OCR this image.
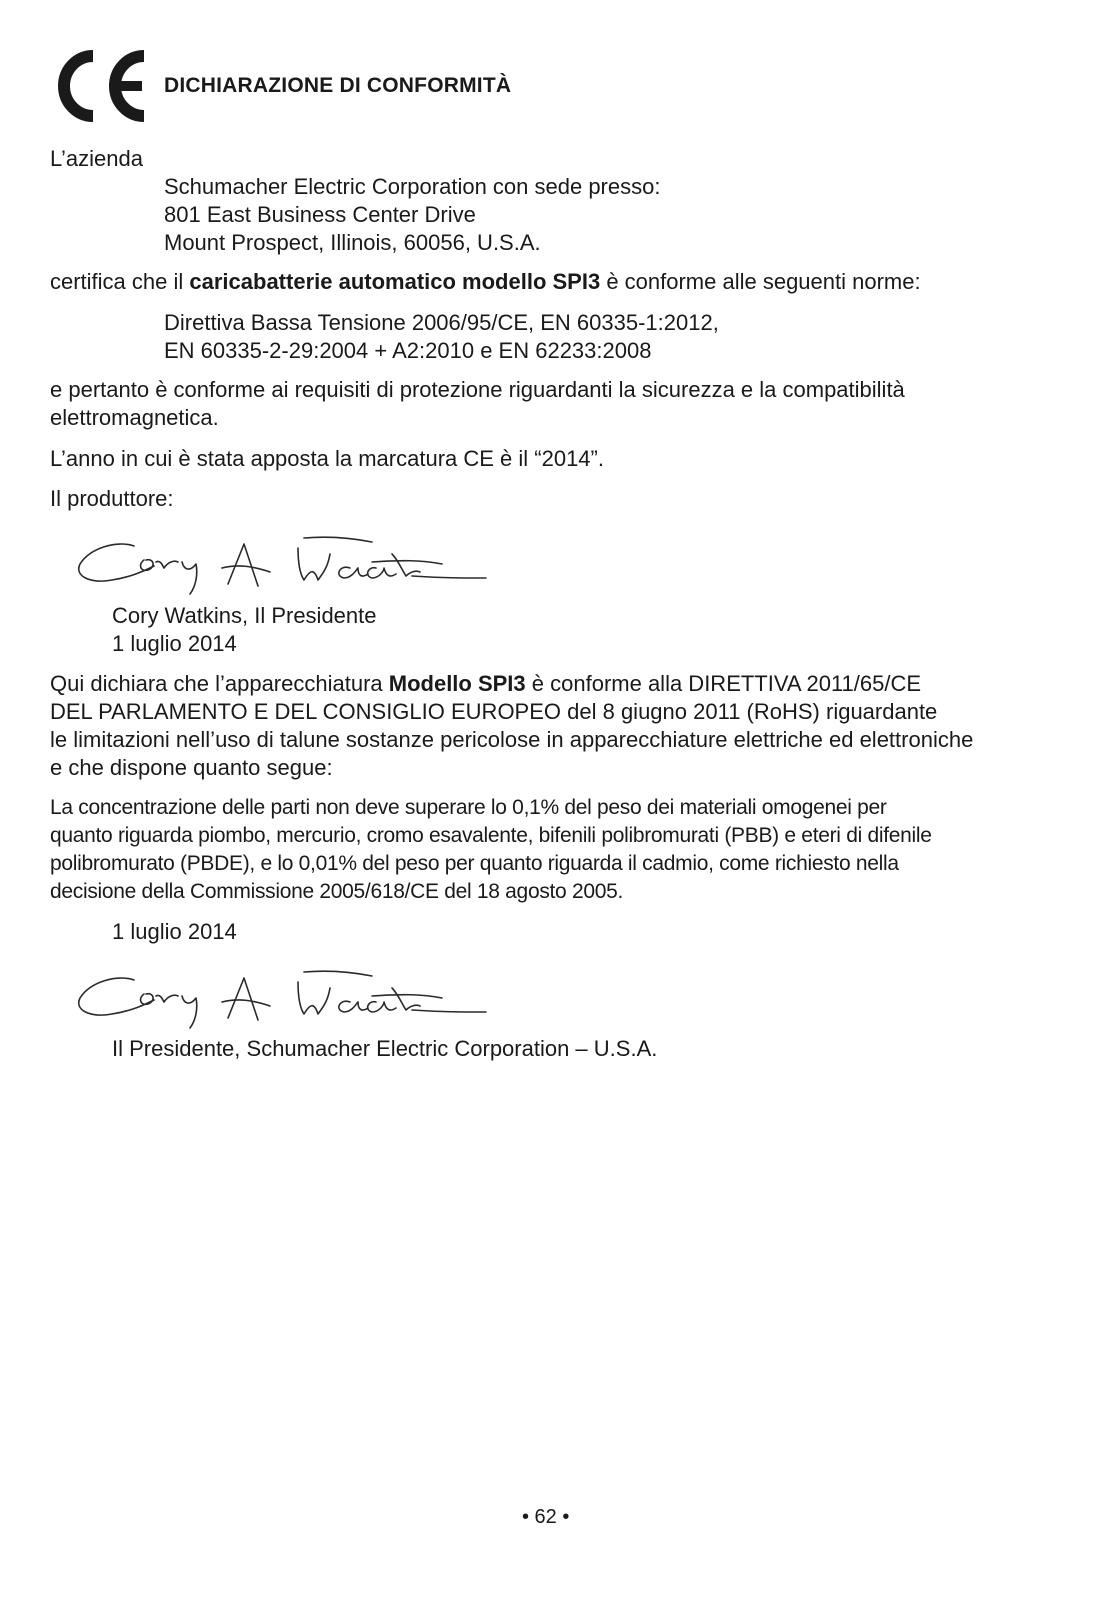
DICHIARAZIONE DI CONFORMITÀ
L’azienda
Schumacher Electric Corporation con sede presso:
801 East Business Center Drive
Mount Prospect, Illinois, 60056, U.S.A.
certifica che il caricabatterie automatico modello SPI3 è conforme alle seguenti norme:
Direttiva Bassa Tensione 2006/95/CE, EN 60335-1:2012,
EN 60335-2-29:2004 + A2:2010 e EN 62233:2008
e pertanto è conforme ai requisiti di protezione riguardanti la sicurezza e la compatibilità
elettromagnetica.
L’anno in cui è stata apposta la marcatura CE è il “2014”.
Il produttore:
Cory Watkins, Il Presidente
1 luglio 2014
Qui dichiara che l’apparecchiatura Modello SPI3 è conforme alla DIRETTIVA 2011/65/CE
DEL PARLAMENTO E DEL CONSIGLIO EUROPEO del 8 giugno 2011 (RoHS) riguardante
le limitazioni nell’uso di talune sostanze pericolose in apparecchiature elettriche ed elettroniche
e che dispone quanto segue:
La concentrazione delle parti non deve superare lo 0,1% del peso dei materiali omogenei per
quanto riguarda piombo, mercurio, cromo esavalente, bifenili polibromurati (PBB) e eteri di difenile
polibromurato (PBDE), e lo 0,01% del peso per quanto riguarda il cadmio, come richiesto nella
decisione della Commissione 2005/618/CE del 18 agosto 2005.
1 luglio 2014
Il Presidente, Schumacher Electric Corporation – U.S.A.
• 62 •
